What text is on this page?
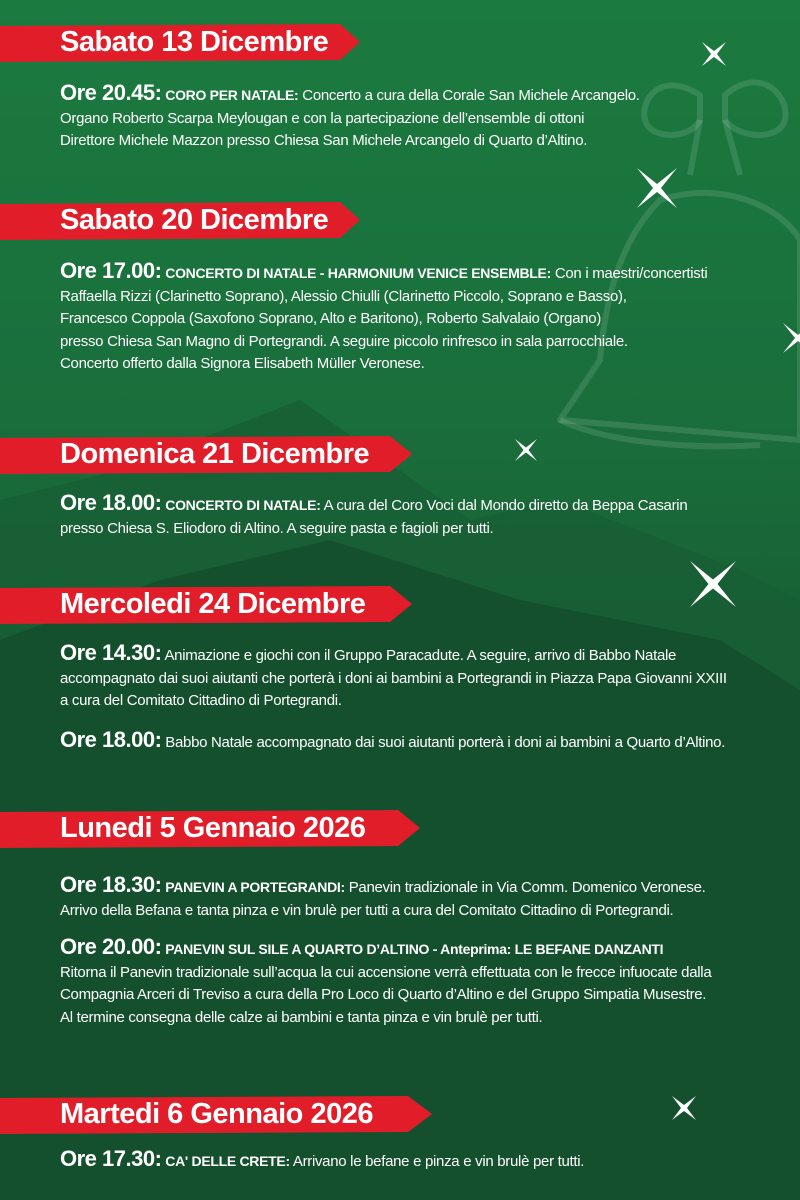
Sabato 13 Dicembre
Ore 20.45: CORO PER NATALE: Concerto a cura della Corale San Michele Arcangelo.
Organo Roberto Scarpa Meylougan e con la partecipazione dell’ensemble di ottoni
Direttore Michele Mazzon presso Chiesa San Michele Arcangelo di Quarto d’Altino.
Sabato 20 Dicembre
Ore 17.00: CONCERTO DI NATALE - HARMONIUM VENICE ENSEMBLE: Con i maestri/concertisti
Raffaella Rizzi (Clarinetto Soprano), Alessio Chiulli (Clarinetto Piccolo, Soprano e Basso),
Francesco Coppola (Saxofono Soprano, Alto e Baritono), Roberto Salvalaio (Organo)
presso Chiesa San Magno di Portegrandi. A seguire piccolo rinfresco in sala parrocchiale.
Concerto offerto dalla Signora Elisabeth Müller Veronese.
Domenica 21 Dicembre
Ore 18.00: CONCERTO DI NATALE: A cura del Coro Voci dal Mondo diretto da Beppa Casarin
presso Chiesa S. Eliodoro di Altino. A seguire pasta e fagioli per tutti.
Mercoledi 24 Dicembre
Ore 14.30: Animazione e giochi con il Gruppo Paracadute. A seguire, arrivo di Babbo Natale
accompagnato dai suoi aiutanti che porterà i doni ai bambini a Portegrandi in Piazza Papa Giovanni XXIII
a cura del Comitato Cittadino di Portegrandi.
Ore 18.00: Babbo Natale accompagnato dai suoi aiutanti porterà i doni ai bambini a Quarto d’Altino.
Lunedi 5 Gennaio 2026
Ore 18.30: PANEVIN A PORTEGRANDI: Panevin tradizionale in Via Comm. Domenico Veronese.
Arrivo della Befana e tanta pinza e vin brulè per tutti a cura del Comitato Cittadino di Portegrandi.
Ore 20.00: PANEVIN SUL SILE A QUARTO D’ALTINO - Anteprima: LE BEFANE DANZANTI
Ritorna il Panevin tradizionale sull’acqua la cui accensione verrà effettuata con le frecce infuocate dalla
Compagnia Arceri di Treviso a cura della Pro Loco di Quarto d’Altino e del Gruppo Simpatia Musestre.
Al termine consegna delle calze ai bambini e tanta pinza e vin brulè per tutti.
Martedi 6 Gennaio 2026
Ore 17.30: CA' DELLE CRETE: Arrivano le befane e pinza e vin brulè per tutti.
